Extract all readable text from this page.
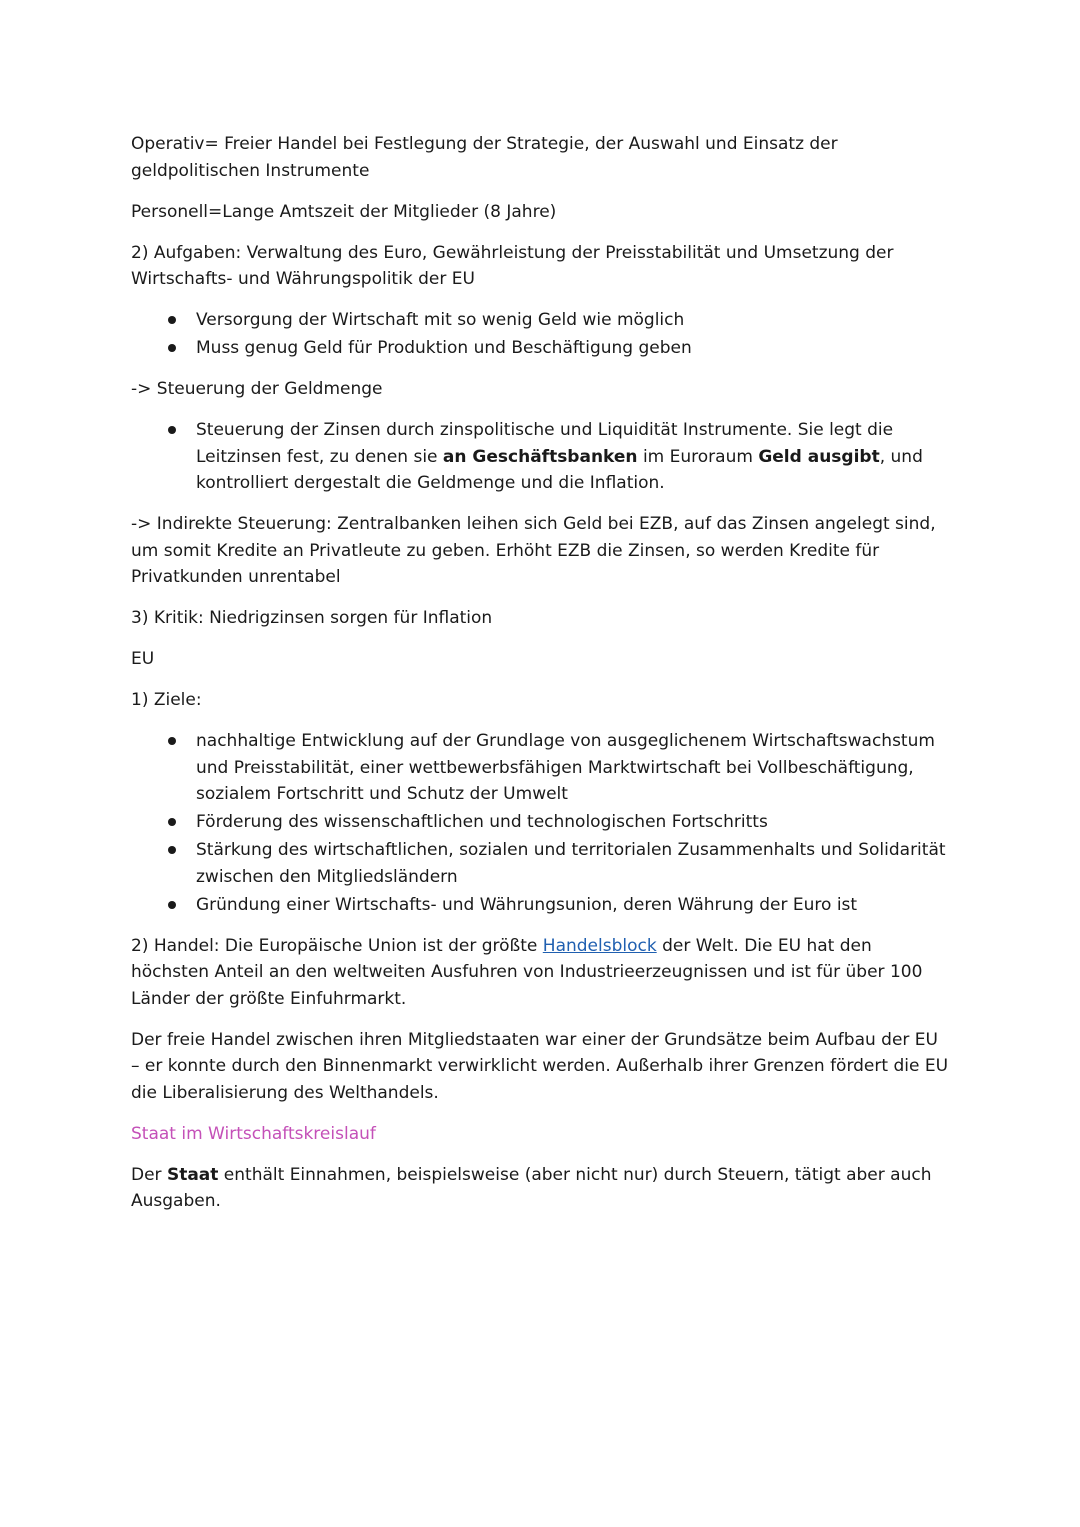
Operativ= Freier Handel bei Festlegung der Strategie, der Auswahl und Einsatz der geldpolitischen Instrumente

Personell=Lange Amtszeit der Mitglieder (8 Jahre)

2) Aufgaben: Verwaltung des Euro, Gewährleistung der Preisstabilität und Umsetzung der Wirtschafts- und Währungspolitik der EU

Versorgung der Wirtschaft mit so wenig Geld wie möglich
Muss genug Geld für Produktion und Beschäftigung geben

-> Steuerung der Geldmenge

Steuerung der Zinsen durch zinspolitische und Liquidität Instrumente. Sie legt die Leitzinsen fest, zu denen sie an Geschäftsbanken im Euroraum Geld ausgibt, und kontrolliert dergestalt die Geldmenge und die Inflation.

-> Indirekte Steuerung: Zentralbanken leihen sich Geld bei EZB, auf das Zinsen angelegt sind, um somit Kredite an Privatleute zu geben. Erhöht EZB die Zinsen, so werden Kredite für Privatkunden unrentabel

3) Kritik: Niedrigzinsen sorgen für Inflation

EU

1) Ziele:

nachhaltige Entwicklung auf der Grundlage von ausgeglichenem Wirtschaftswachstum und Preisstabilität, einer wettbewerbsfähigen Marktwirtschaft bei Vollbeschäftigung, sozialem Fortschritt und Schutz der Umwelt
Förderung des wissenschaftlichen und technologischen Fortschritts
Stärkung des wirtschaftlichen, sozialen und territorialen Zusammenhalts und Solidarität zwischen den Mitgliedsländern
Gründung einer Wirtschafts- und Währungsunion, deren Währung der Euro ist

2) Handel: Die Europäische Union ist der größte Handelsblock der Welt. Die EU hat den höchsten Anteil an den weltweiten Ausfuhren von Industrieerzeugnissen und ist für über 100 Länder der größte Einfuhrmarkt.

Der freie Handel zwischen ihren Mitgliedstaaten war einer der Grundsätze beim Aufbau der EU – er konnte durch den Binnenmarkt verwirklicht werden. Außerhalb ihrer Grenzen fördert die EU die Liberalisierung des Welthandels.

Staat im Wirtschaftskreislauf

Der Staat enthält Einnahmen, beispielsweise (aber nicht nur) durch Steuern, tätigt aber auch Ausgaben.
